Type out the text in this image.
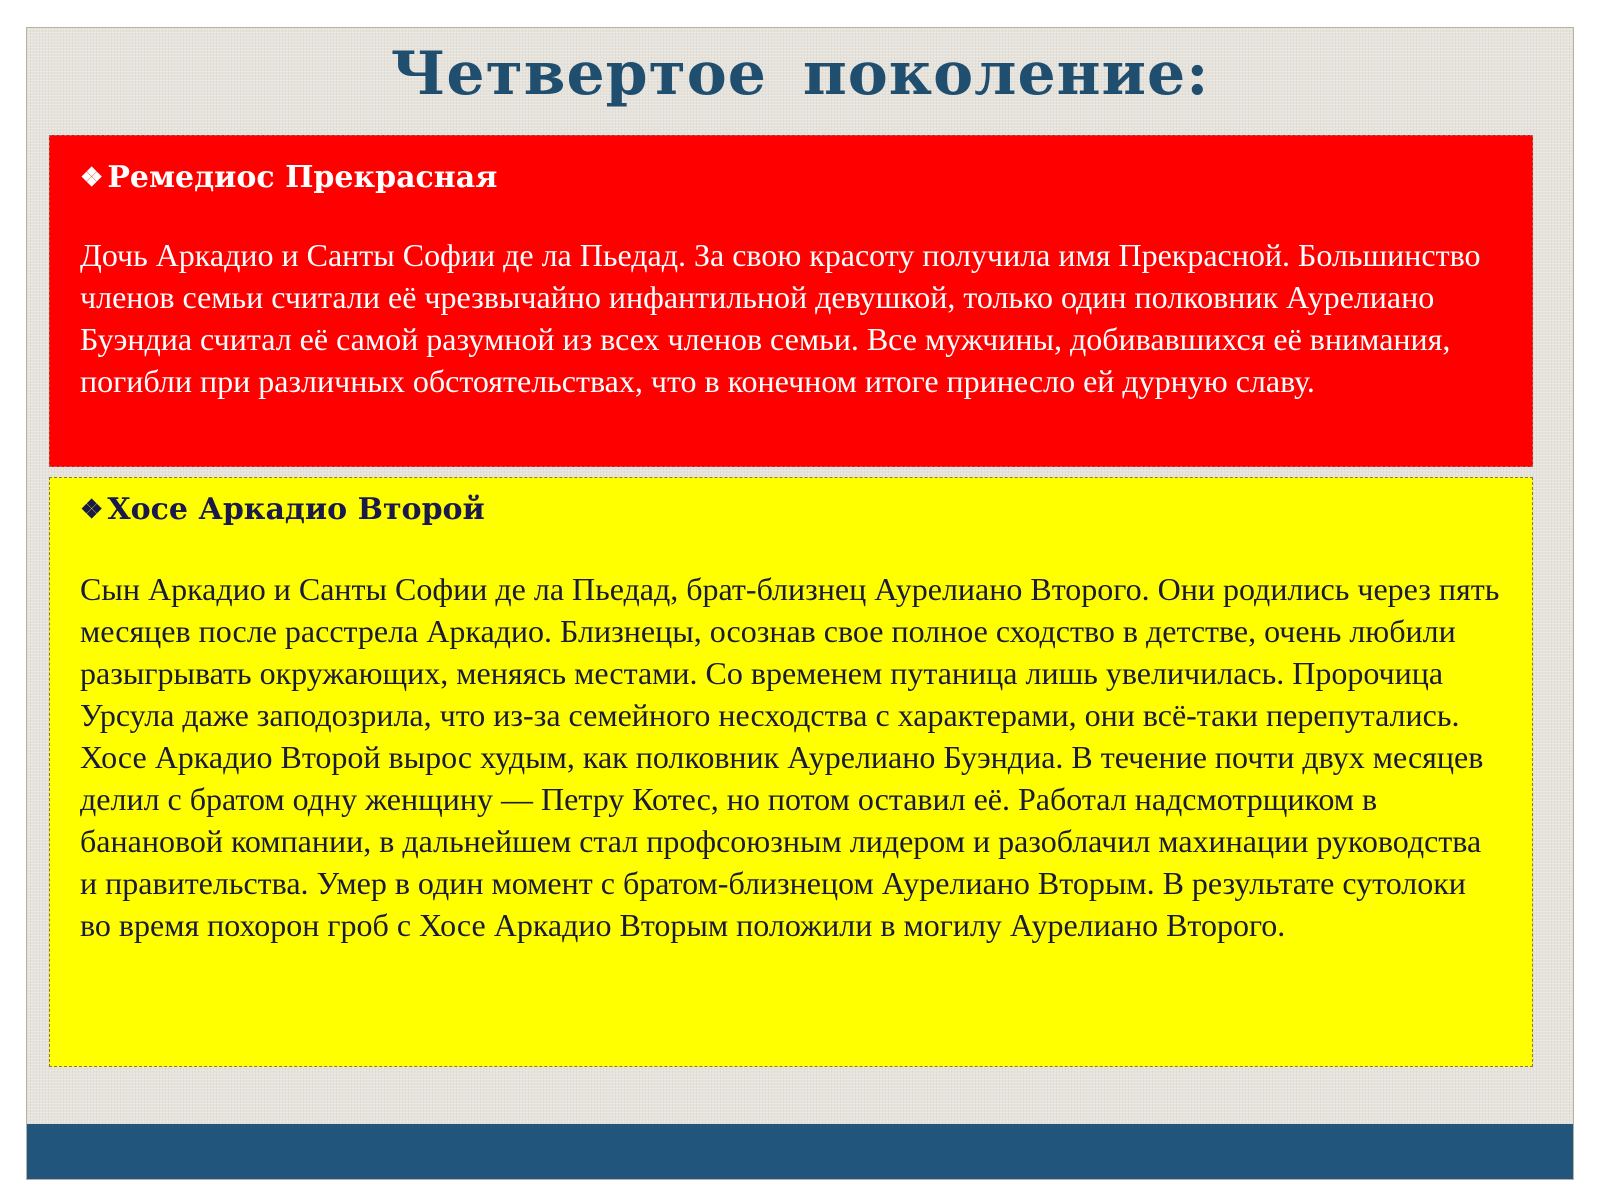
Четвертое поколение:

❖ Ремедиос Прекрасная

Дочь Аркадио и Санты Софии де ла Пьедад. За свою красоту получила имя Прекрасной. Большинство членов семьи считали её чрезвычайно инфантильной девушкой, только один полковник Аурелиано Буэндиа считал её самой разумной из всех членов семьи. Все мужчины, добивавшихся её внимания, погибли при различных обстоятельствах, что в конечном итоге принесло ей дурную славу.

❖ Хосе Аркадио Второй

Сын Аркадио и Санты Софии де ла Пьедад, брат-близнец Аурелиано Второго. Они родились через пять месяцев после расстрела Аркадио. Близнецы, осознав свое полное сходство в детстве, очень любили разыгрывать окружающих, меняясь местами. Со временем путаница лишь увеличилась. Пророчица Урсула даже заподозрила, что из-за семейного несходства с характерами, они всё-таки перепутались. Хосе Аркадио Второй вырос худым, как полковник Аурелиано Буэндиа. В течение почти двух месяцев делил с братом одну женщину — Петру Котес, но потом оставил её. Работал надсмотрщиком в банановой компании, в дальнейшем стал профсоюзным лидером и разоблачил махинации руководства и правительства. Умер в один момент с братом-близнецом Аурелиано Вторым. В результате сутолоки во время похорон гроб с Хосе Аркадио Вторым положили в могилу Аурелиано Второго.
